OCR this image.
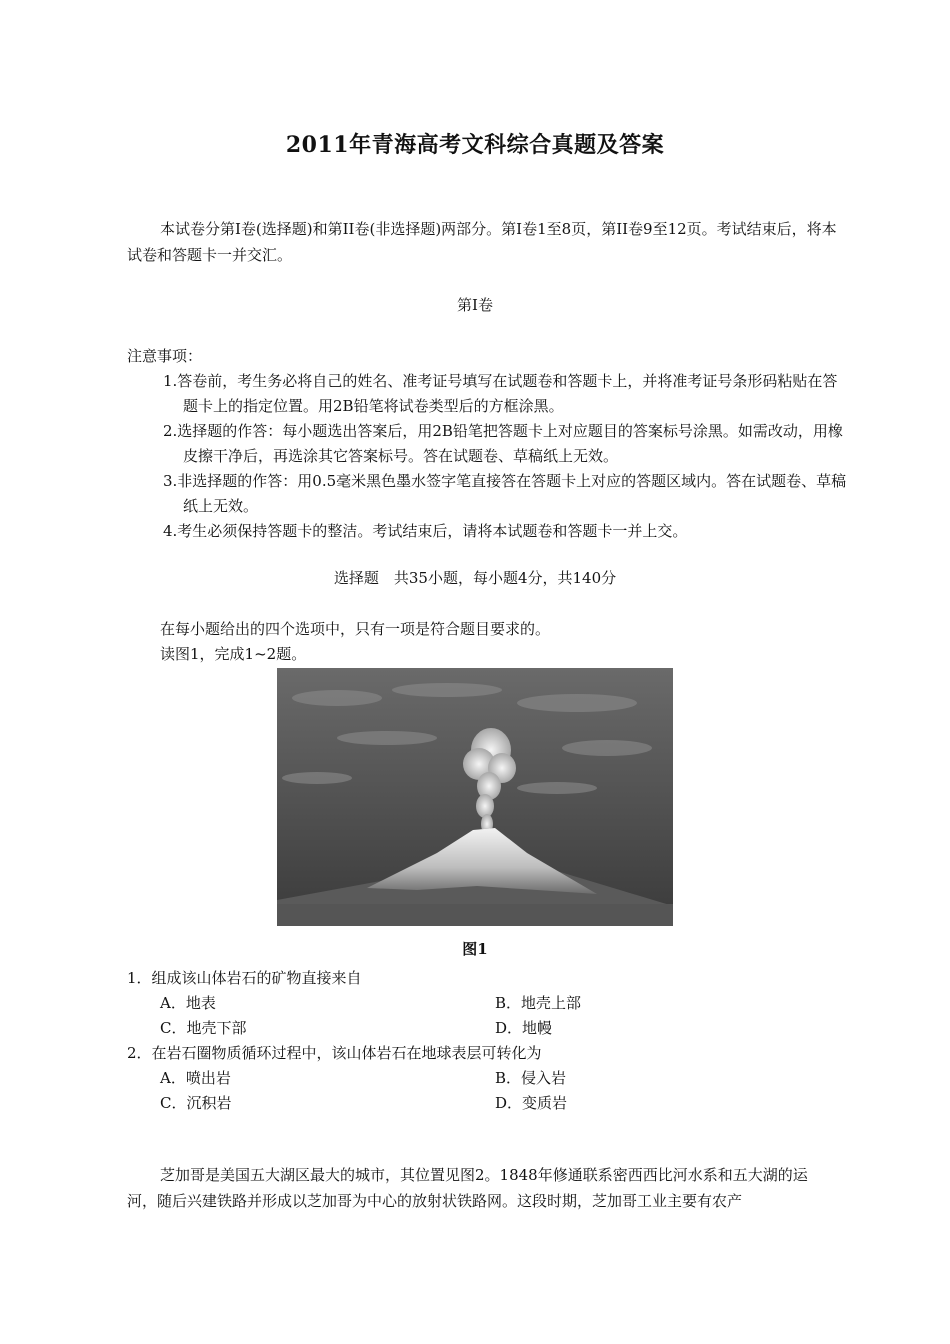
2011年青海高考文科综合真题及答案
本试卷分第I卷(选择题)和第II卷(非选择题)两部分。第I卷1至8页，第II卷9至12页。考试结束后，将本试卷和答题卡一并交汇。
第I卷
注意事项：
1.答卷前，考生务必将自己的姓名、准考证号填写在试题卷和答题卡上，并将准考证号条形码粘贴在答题卡上的指定位置。用2B铅笔将试卷类型后的方框涂黑。
2.选择题的作答：每小题选出答案后，用2B铅笔把答题卡上对应题目的答案标号涂黑。如需改动，用橡皮擦干净后，再选涂其它答案标号。答在试题卷、草稿纸上无效。
3.非选择题的作答：用0.5毫米黑色墨水签字笔直接答在答题卡上对应的答题区域内。答在试题卷、草稿纸上无效。
4.考生必须保持答题卡的整洁。考试结束后，请将本试题卷和答题卡一并上交。
选择题　共35小题，每小题4分，共140分
在每小题给出的四个选项中，只有一项是符合题目要求的。
读图1，完成1~2题。
图1
1．组成该山体岩石的矿物直接来自
A．地表	B．地壳上部
C．地壳下部	D．地幔
2．在岩石圈物质循环过程中，该山体岩石在地球表层可转化为
A．喷出岩	B．侵入岩
C．沉积岩	D．变质岩
芝加哥是美国五大湖区最大的城市，其位置见图2。1848年修通联系密西西比河水系和五大湖的运河，随后兴建铁路并形成以芝加哥为中心的放射状铁路网。这段时期，芝加哥工业主要有农产
